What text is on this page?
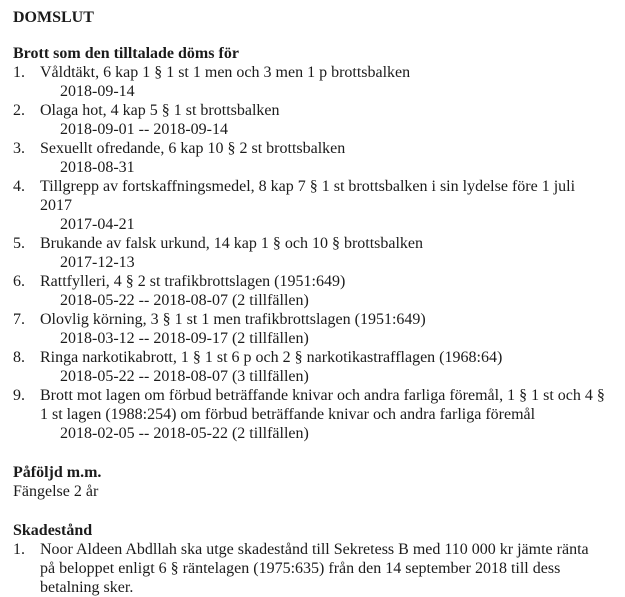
DOMSLUT
Brott som den tilltalade döms för
1. Våldtäkt, 6 kap 1 § 1 st 1 men och 3 men 1 p brottsbalken
2018-09-14
2. Olaga hot, 4 kap 5 § 1 st brottsbalken
2018-09-01 -- 2018-09-14
3. Sexuellt ofredande, 6 kap 10 § 2 st brottsbalken
2018-08-31
4. Tillgrepp av fortskaffningsmedel, 8 kap 7 § 1 st brottsbalken i sin lydelse före 1 juli
2017
2017-04-21
5. Brukande av falsk urkund, 14 kap 1 § och 10 § brottsbalken
2017-12-13
6. Rattfylleri, 4 § 2 st trafikbrottslagen (1951:649)
2018-05-22 -- 2018-08-07 (2 tillfällen)
7. Olovlig körning, 3 § 1 st 1 men trafikbrottslagen (1951:649)
2018-03-12 -- 2018-09-17 (2 tillfällen)
8. Ringa narkotikabrott, 1 § 1 st 6 p och 2 § narkotikastrafflagen (1968:64)
2018-05-22 -- 2018-08-07 (3 tillfällen)
9. Brott mot lagen om förbud beträffande knivar och andra farliga föremål, 1 § 1 st och 4 §
1 st lagen (1988:254) om förbud beträffande knivar och andra farliga föremål
2018-02-05 -- 2018-05-22 (2 tillfällen)
Påföljd m.m.
Fängelse 2 år
Skadestånd
1. Noor Aldeen Abdllah ska utge skadestånd till Sekretess B med 110 000 kr jämte ränta
på beloppet enligt 6 § räntelagen (1975:635) från den 14 september 2018 till dess
betalning sker.
